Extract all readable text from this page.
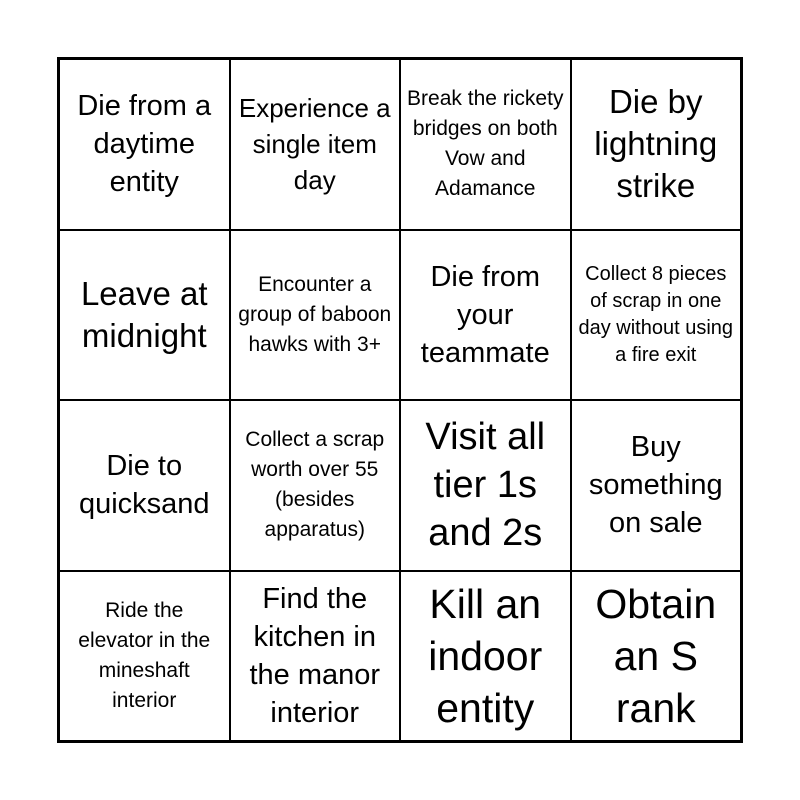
Die from a daytime entity
Experience a single item day
Break the rickety bridges on both Vow and Adamance
Die by lightning strike
Leave at midnight
Encounter a group of baboon hawks with 3+
Die from your teammate
Collect 8 pieces of scrap in one day without using a fire exit
Die to quicksand
Collect a scrap worth over 55 (besides apparatus)
Visit all tier 1s and 2s
Buy something on sale
Ride the elevator in the mineshaft interior
Find the kitchen in the manor interior
Kill an indoor entity
Obtain an S rank
